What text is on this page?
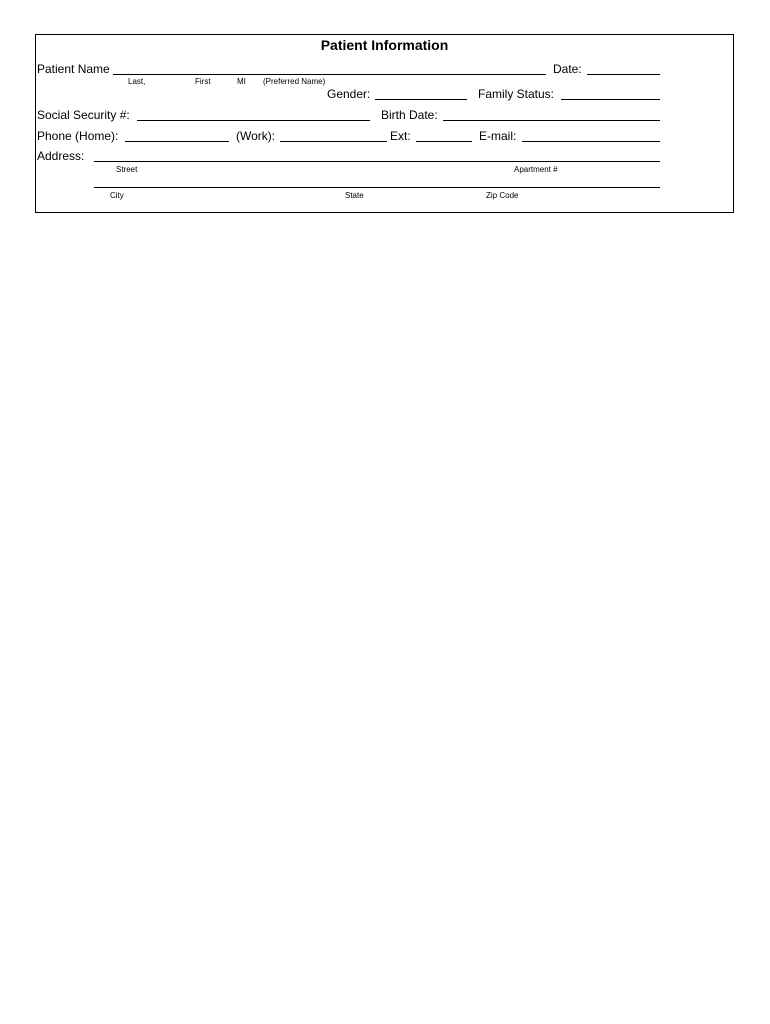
Patient Information
Patient Name	Date:
Last,	First	MI (Preferred Name)
Gender:	Family Status:
Social Security #:	Birth Date:
Phone (Home):	(Work):	Ext:	E-mail:
Address:
Street	Apartment #
City	State	Zip Code
